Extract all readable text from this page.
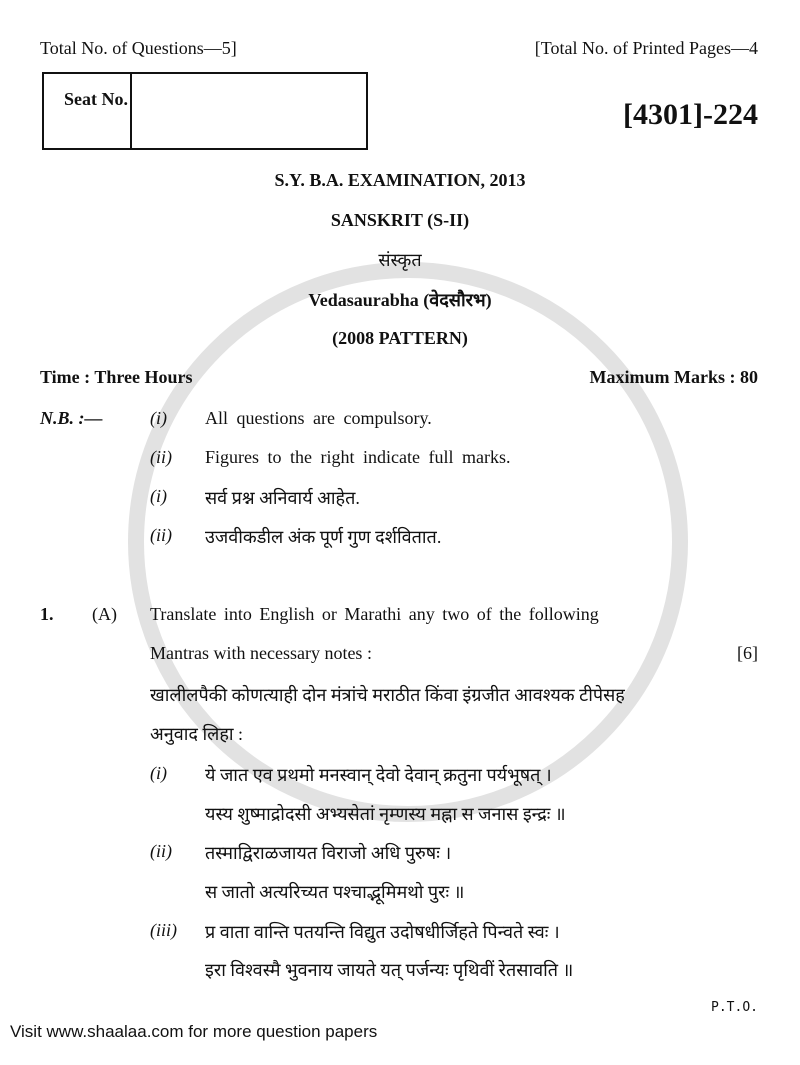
Total No. of Questions—5]	[Total No. of Printed Pages—4
Seat No.	[4301]-224
S.Y. B.A. EXAMINATION, 2013
SANSKRIT (S-II)
संस्कृत
Vedasaurabha (वेदसौरभ)
(2008 PATTERN)
Time : Three Hours	Maximum Marks : 80
N.B. :—	(i) All questions are compulsory.
(ii) Figures to the right indicate full marks.
(i) सर्व प्रश्न अनिवार्य आहेत.
(ii) उजवीकडील अंक पूर्ण गुण दर्शवितात.
1. (A) Translate into English or Marathi any two of the following
Mantras with necessary notes :	[6]
खालीलपैकी कोणत्याही दोन मंत्रांचे मराठीत किंवा इंग्रजीत आवश्यक टीपेसह
अनुवाद लिहा :
(i) ये जात एव प्रथमो मनस्वान् देवो देवान् क्रतुना पर्यभूषत् ।
यस्य शुष्माद्रोदसी अभ्यसेतां नृम्णस्य मह्ना स जनास इन्द्रः ॥
(ii) तस्माद्विराळजायत विराजो अधि पुरुषः ।
स जातो अत्यरिच्यत पश्चाद्भूमिमथो पुरः ॥
(iii) प्र वाता वान्ति पतयन्ति विद्युत उदोषधीर्जिहते पिन्वते स्वः ।
इरा विश्वस्मै भुवनाय जायते यत् पर्जन्यः पृथिवीं रेतसावति ॥
P.T.O.
Visit www.shaalaa.com for more question papers
